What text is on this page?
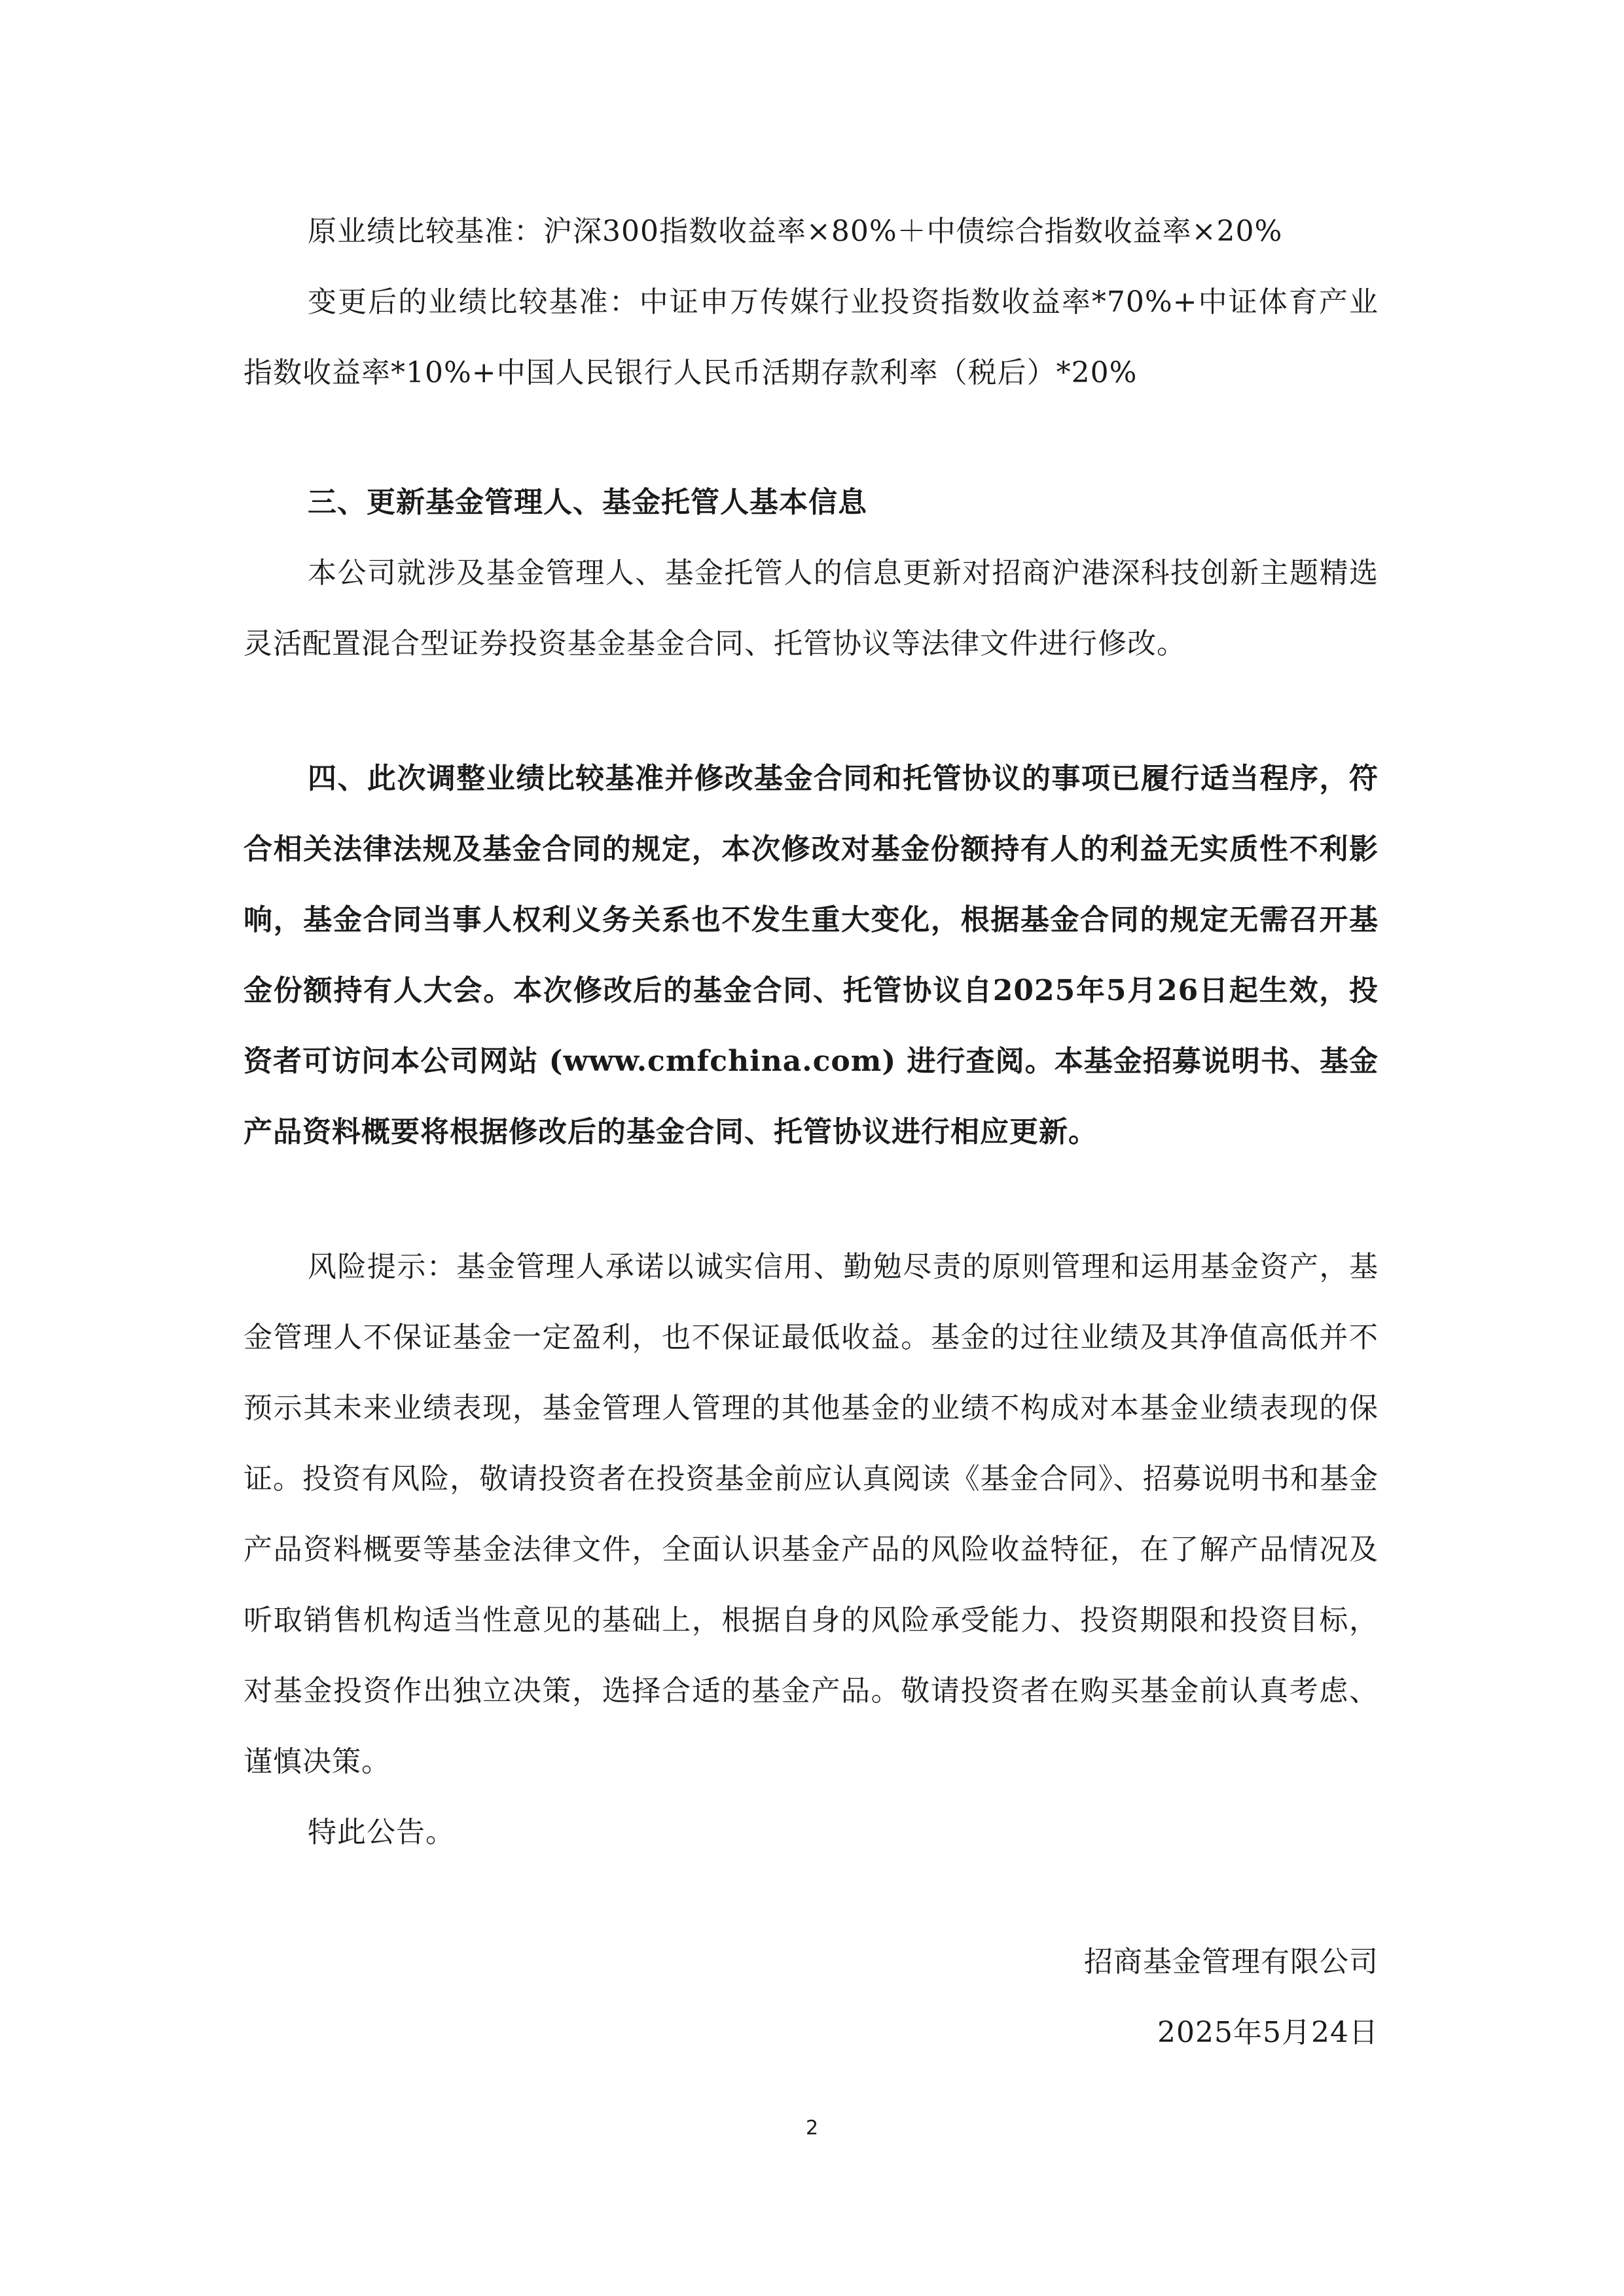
原业绩比较基准：沪深300指数收益率×80%＋中债综合指数收益率×20%

变更后的业绩比较基准：中证申万传媒行业投资指数收益率*70%+中证体育产业指数收益率*10%+中国人民银行人民币活期存款利率（税后）*20%

三、更新基金管理人、基金托管人基本信息

本公司就涉及基金管理人、基金托管人的信息更新对招商沪港深科技创新主题精选灵活配置混合型证券投资基金基金合同、托管协议等法律文件进行修改。

四、此次调整业绩比较基准并修改基金合同和托管协议的事项已履行适当程序，符合相关法律法规及基金合同的规定，本次修改对基金份额持有人的利益无实质性不利影响，基金合同当事人权利义务关系也不发生重大变化，根据基金合同的规定无需召开基金份额持有人大会。本次修改后的基金合同、托管协议自2025年5月26日起生效，投资者可访问本公司网站 (www.cmfchina.com) 进行查阅。本基金招募说明书、基金产品资料概要将根据修改后的基金合同、托管协议进行相应更新。

风险提示：基金管理人承诺以诚实信用、勤勉尽责的原则管理和运用基金资产，基金管理人不保证基金一定盈利，也不保证最低收益。基金的过往业绩及其净值高低并不预示其未来业绩表现，基金管理人管理的其他基金的业绩不构成对本基金业绩表现的保证。投资有风险，敬请投资者在投资基金前应认真阅读《基金合同》、招募说明书和基金产品资料概要等基金法律文件，全面认识基金产品的风险收益特征，在了解产品情况及听取销售机构适当性意见的基础上，根据自身的风险承受能力、投资期限和投资目标，对基金投资作出独立决策，选择合适的基金产品。敬请投资者在购买基金前认真考虑、谨慎决策。

特此公告。

招商基金管理有限公司

2025年5月24日

2
